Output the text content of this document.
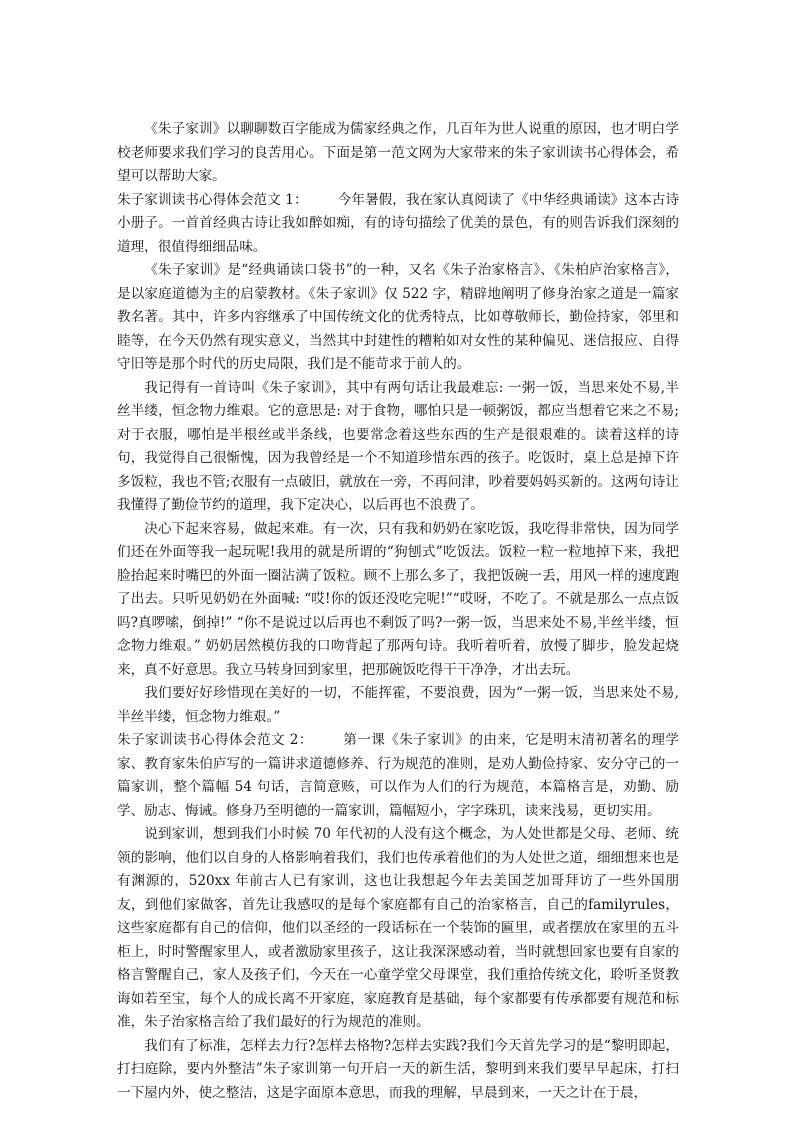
《朱子家训》以聊聊数百字能成为儒家经典之作，几百年为世人说重的原因，也才明白学校老师要求我们学习的良苦用心。下面是第一范文网为大家带来的朱子家训读书心得体会，希望可以帮助大家。

朱子家训读书心得体会范文 1： 今年暑假，我在家认真阅读了《中华经典诵读》这本古诗小册子。一首首经典古诗让我如醉如痴，有的诗句描绘了优美的景色，有的则告诉我们深刻的道理，很值得细细品味。

《朱子家训》是“经典诵读口袋书”的一种，又名《朱子治家格言》、《朱柏庐治家格言》，是以家庭道德为主的启蒙教材。《朱子家训》仅 522 字，精辟地阐明了修身治家之道是一篇家教名著。其中，许多内容继承了中国传统文化的优秀特点，比如尊敬师长，勤俭持家，邻里和睦等，在今天仍然有现实意义，当然其中封建性的糟粕如对女性的某种偏见、迷信报应、自得守旧等是那个时代的历史局限，我们是不能苛求于前人的。

我记得有一首诗叫《朱子家训》，其中有两句话让我最难忘: 一粥一饭，当思来处不易,半丝半缕，恒念物力维艰。它的意思是: 对于食物，哪怕只是一顿粥饭，都应当想着它来之不易;对于衣服，哪怕是半根丝或半条线，也要常念着这些东西的生产是很艰难的。读着这样的诗句，我觉得自己很惭愧，因为我曾经是一个不知道珍惜东西的孩子。吃饭时，桌上总是掉下许多饭粒，我也不管;衣服有一点破旧，就放在一旁，不再问津，吵着要妈妈买新的。这两句诗让我懂得了勤俭节约的道理，我下定决心，以后再也不浪费了。

决心下起来容易，做起来难。有一次，只有我和奶奶在家吃饭，我吃得非常快，因为同学们还在外面等我一起玩呢!我用的就是所谓的“狗刨式”吃饭法。饭粒一粒一粒地掉下来，我把脸抬起来时嘴巴的外面一圈沾满了饭粒。顾不上那么多了，我把饭碗一丢，用风一样的速度跑了出去。只听见奶奶在外面喊: “哎!你的饭还没吃完呢!”“哎呀，不吃了。不就是那么一点点饭吗?真啰嗦，倒掉!” “你不是说过以后再也不剩饭了吗?一粥一饭，当思来处不易,半丝半缕，恒念物力维艰。” 奶奶居然模仿我的口吻背起了那两句诗。我听着听着，放慢了脚步，脸发起烧来，真不好意思。我立马转身回到家里，把那碗饭吃得干干净净，才出去玩。

我们要好好珍惜现在美好的一切，不能挥霍，不要浪费，因为“一粥一饭，当思来处不易,半丝半缕，恒念物力维艰。”

朱子家训读书心得体会范文 2： 第一课《朱子家训》的由来，它是明末清初著名的理学家、教育家朱伯庐写的一篇讲求道德修养、行为规范的准则，是劝人勤俭持家、安分守己的一篇家训，整个篇幅 54 句话，言简意赅，可以作为人们的行为规范，本篇格言是，劝勤、励学、励志、悔诫。修身乃至明德的一篇家训，篇幅短小，字字珠玑，读来浅易，更切实用。

说到家训，想到我们小时候 70 年代初的人没有这个概念，为人处世都是父母、老师、统领的影响，他们以自身的人格影响着我们，我们也传承着他们的为人处世之道，细细想来也是有渊源的，520xx 年前古人已有家训，这也让我想起今年去美国芝加哥拜访了一些外国朋友，到他们家做客，首先让我感叹的是每个家庭都有自己的治家格言，自己的familyrules，这些家庭都有自己的信仰，他们以圣经的一段话标在一个装饰的匾里，或者摆放在家里的五斗柜上，时时警醒家里人，或者激励家里孩子，这让我深深感动着，当时就想回家也要有自家的格言警醒自己，家人及孩子们，今天在一心童学堂父母课堂，我们重拾传统文化，聆听圣贤教诲如若至宝，每个人的成长离不开家庭，家庭教育是基础，每个家都要有传承都要有规范和标准，朱子治家格言给了我们最好的行为规范的准则。

我们有了标准，怎样去力行?怎样去格物?怎样去实践?我们今天首先学习的是“黎明即起，打扫庭除，要内外整洁”朱子家训第一句开启一天的新生活，黎明到来我们要早早起床，打扫一下屋内外，使之整洁，这是字面原本意思，而我的理解，早晨到来，一天之计在于晨，
